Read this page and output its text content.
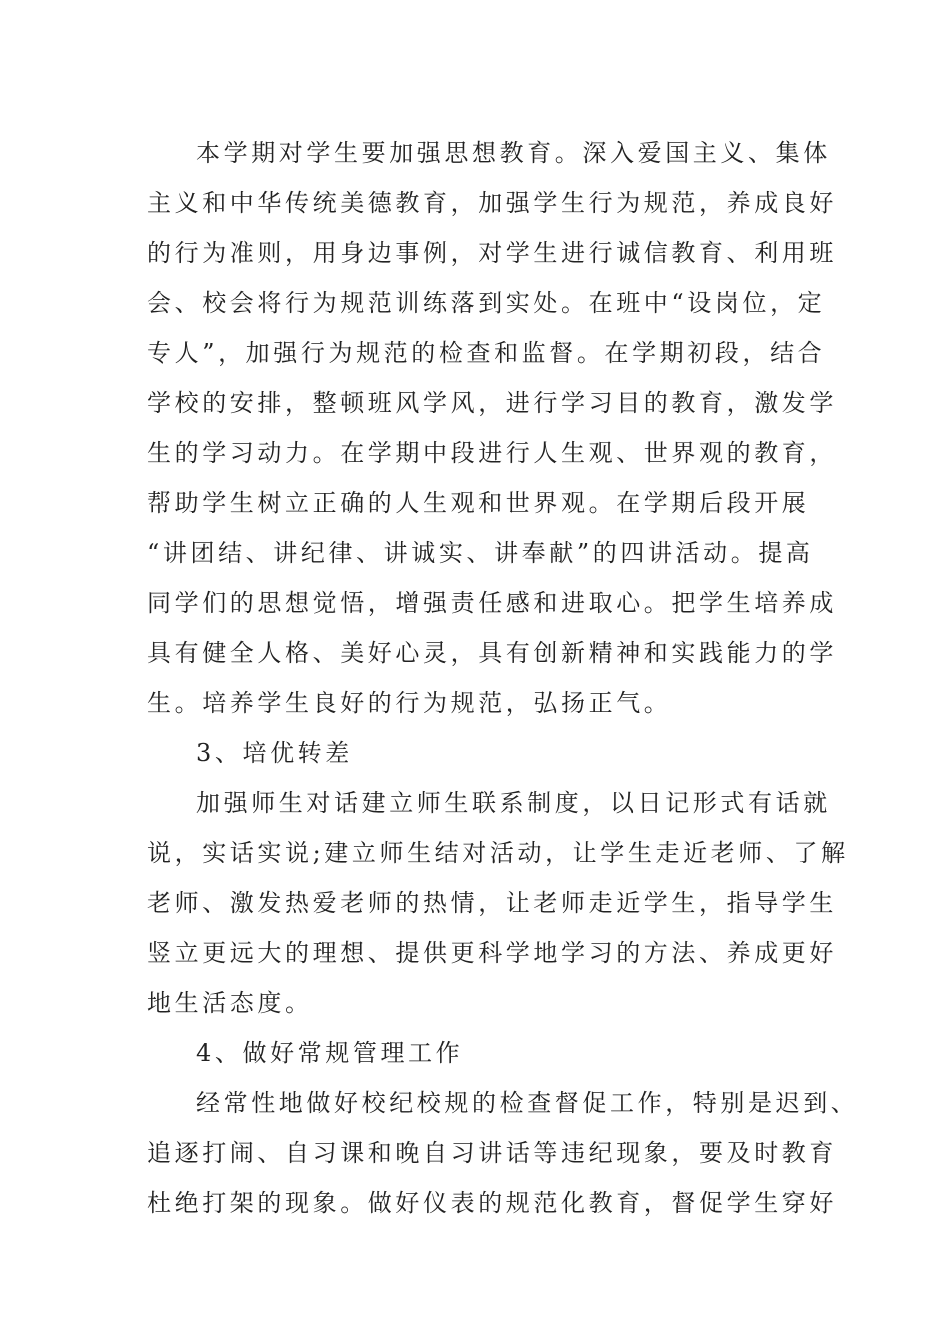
本学期对学生要加强思想教育。深入爱国主义、集体

主义和中华传统美德教育，加强学生行为规范，养成良好

的行为准则，用身边事例，对学生进行诚信教育、利用班

会、校会将行为规范训练落到实处。在班中“设岗位，定

专人”，加强行为规范的检查和监督。在学期初段，结合

学校的安排，整顿班风学风，进行学习目的教育，激发学

生的学习动力。在学期中段进行人生观、世界观的教育，

帮助学生树立正确的人生观和世界观。在学期后段开展

“讲团结、讲纪律、讲诚实、讲奉献”的四讲活动。提高

同学们的思想觉悟，增强责任感和进取心。把学生培养成

具有健全人格、美好心灵，具有创新精神和实践能力的学

生。培养学生良好的行为规范，弘扬正气。

3、培优转差

加强师生对话建立师生联系制度，以日记形式有话就

说，实话实说;建立师生结对活动，让学生走近老师、了解

老师、激发热爱老师的热情，让老师走近学生，指导学生

竖立更远大的理想、提供更科学地学习的方法、养成更好

地生活态度。

4、做好常规管理工作

经常性地做好校纪校规的检查督促工作，特别是迟到、

追逐打闹、自习课和晚自习讲话等违纪现象，要及时教育

杜绝打架的现象。做好仪表的规范化教育，督促学生穿好
